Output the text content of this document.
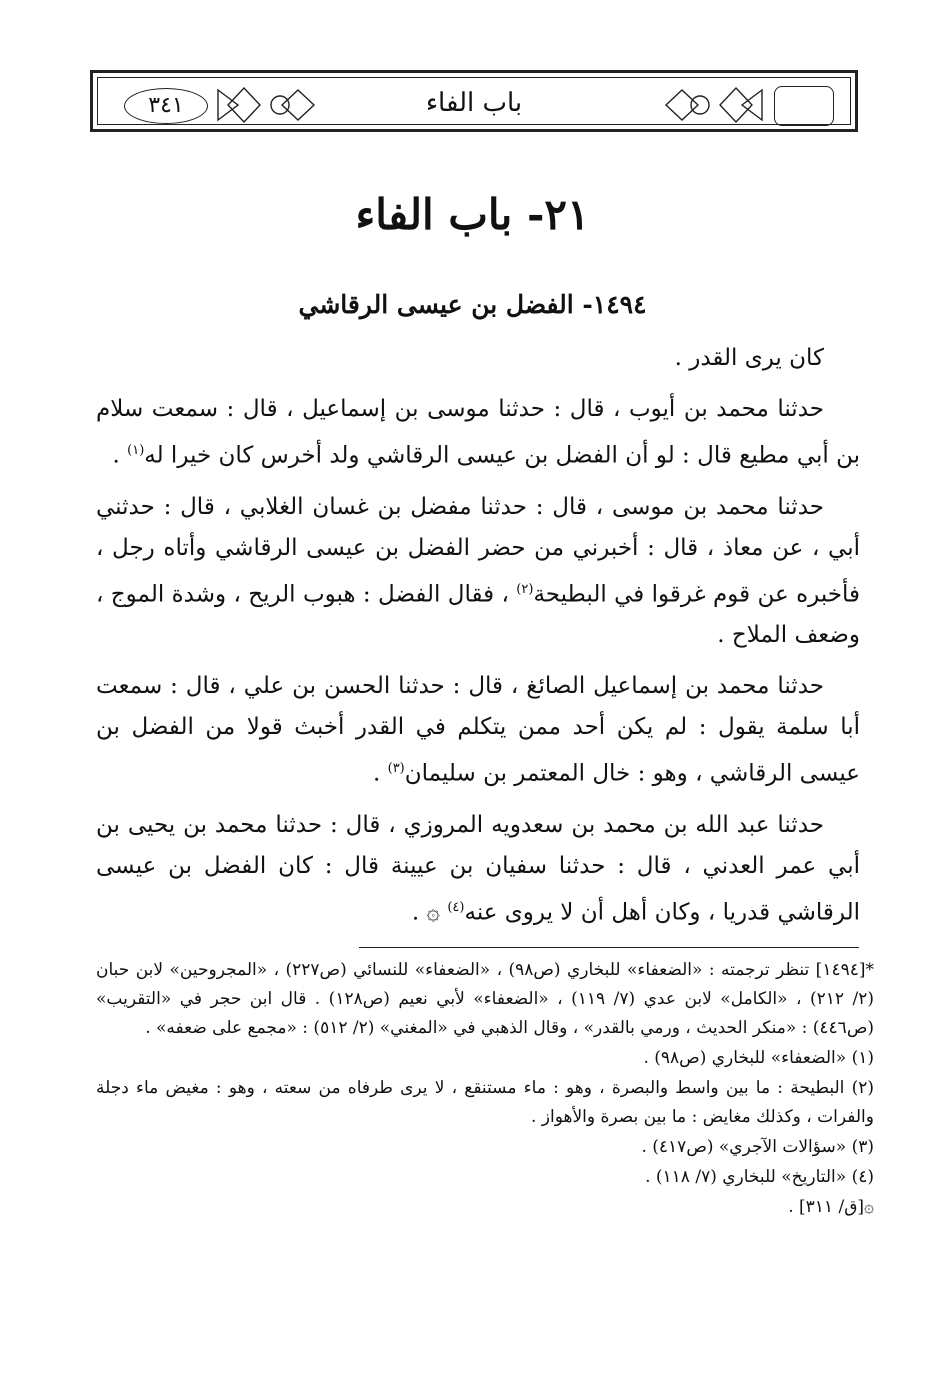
٣٤١	باب الفاء
٢١- باب الفاء
١٤٩٤- الفضل بن عيسى الرقاشي

كان يرى القدر .

حدثنا محمد بن أيوب ، قال : حدثنا موسى بن إسماعيل ، قال : سمعت سلام بن أبي مطيع قال : لو أن الفضل بن عيسى الرقاشي ولد أخرس كان خيرا له$^{(١)}$ .

حدثنا محمد بن موسى ، قال : حدثنا مفضل بن غسان الغلابي ، قال : حدثني أبي ، عن معاذ ، قال : أخبرني من حضر الفضل بن عيسى الرقاشي وأتاه رجل ، فأخبره عن قوم غرقوا في البطيحة$^{(٢)}$ ، فقال الفضل : هبوب الريح ، وشدة الموج ، وضعف الملاح .

حدثنا محمد بن إسماعيل الصائغ ، قال : حدثنا الحسن بن علي ، قال : سمعت أبا سلمة يقول : لم يكن أحد ممن يتكلم في القدر أخبث قولا من الفضل بن عيسى الرقاشي ، وهو : خال المعتمر بن سليمان$^{(٣)}$ .

حدثنا عبد الله بن محمد بن سعدويه المروزي ، قال : حدثنا محمد بن يحيى بن أبي عمر العدني ، قال : حدثنا سفيان بن عيينة قال : كان الفضل بن عيسى الرقاشي قدريا ، وكان أهل أن لا يروى عنه$^{(٤)}$ ۞ .

*[١٤٩٤] تنظر ترجمته : «الضعفاء» للبخاري (ص٩٨) ، «الضعفاء» للنسائي (ص٢٢٧) ، «المجروحين» لابن حبان (٢/ ٢١٢) ، «الكامل» لابن عدي (٧/ ١١٩) ، «الضعفاء» لأبي نعيم (ص١٢٨) . قال ابن حجر في «التقريب» (ص٤٤٦) : «منكر الحديث ، ورمي بالقدر» ، وقال الذهبي في «المغني» (٢/ ٥١٢) : «مجمع على ضعفه» .

(١) «الضعفاء» للبخاري (ص٩٨) .

(٢) البطيحة : ما بين واسط والبصرة ، وهو : ماء مستنقع ، لا يرى طرفاه من سعته ، وهو : مغيض ماء دجلة والفرات ، وكذلك مغايض : ما بين بصرة والأهواز .

(٣) «سؤالات الآجري» (ص٤١٧) .

(٤) «التاريخ» للبخاري (٧/ ١١٨) .

۞[ق/ ٣١١] .
